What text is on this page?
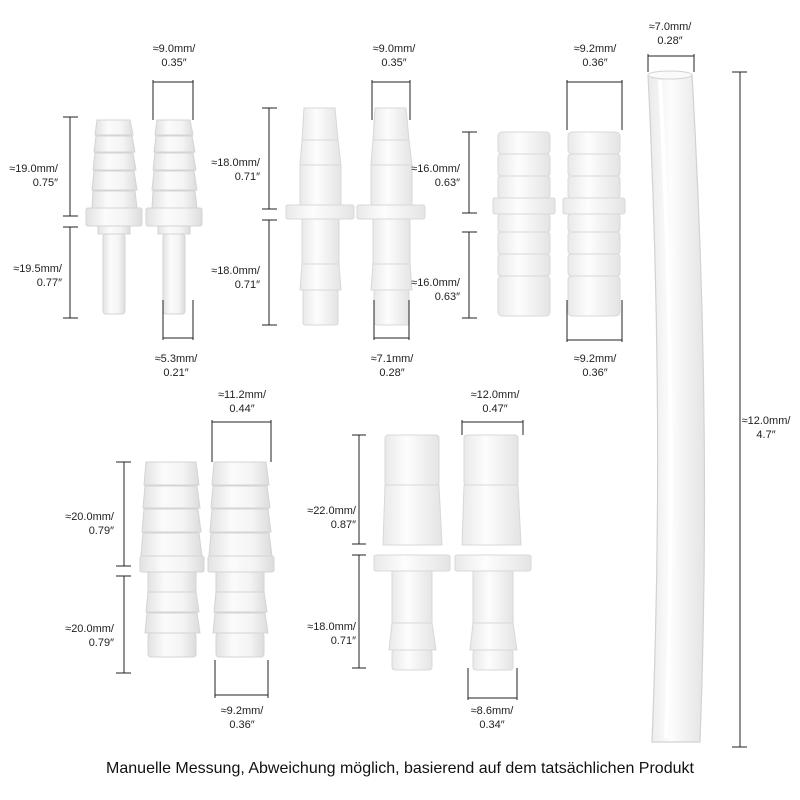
≈9.0mm/
0.35″
≈19.0mm/
0.75″
≈19.5mm/
0.77″
≈5.3mm/
0.21″
≈9.0mm/
0.35″
≈18.0mm/
0.71″
≈18.0mm/
0.71″
≈7.1mm/
0.28″
≈9.2mm/
0.36″
≈16.0mm/
0.63″
≈16.0mm/
0.63″
≈9.2mm/
0.36″
≈7.0mm/
0.28″
≈12.0mm/
4.7″
≈11.2mm/
0.44″
≈20.0mm/
0.79″
≈20.0mm/
0.79″
≈9.2mm/
0.36″
≈12.0mm/
0.47″
≈22.0mm/
0.87″
≈18.0mm/
0.71″
≈8.6mm/
0.34″
Manuelle Messung, Abweichung möglich, basierend auf dem tatsächlichen Produkt
